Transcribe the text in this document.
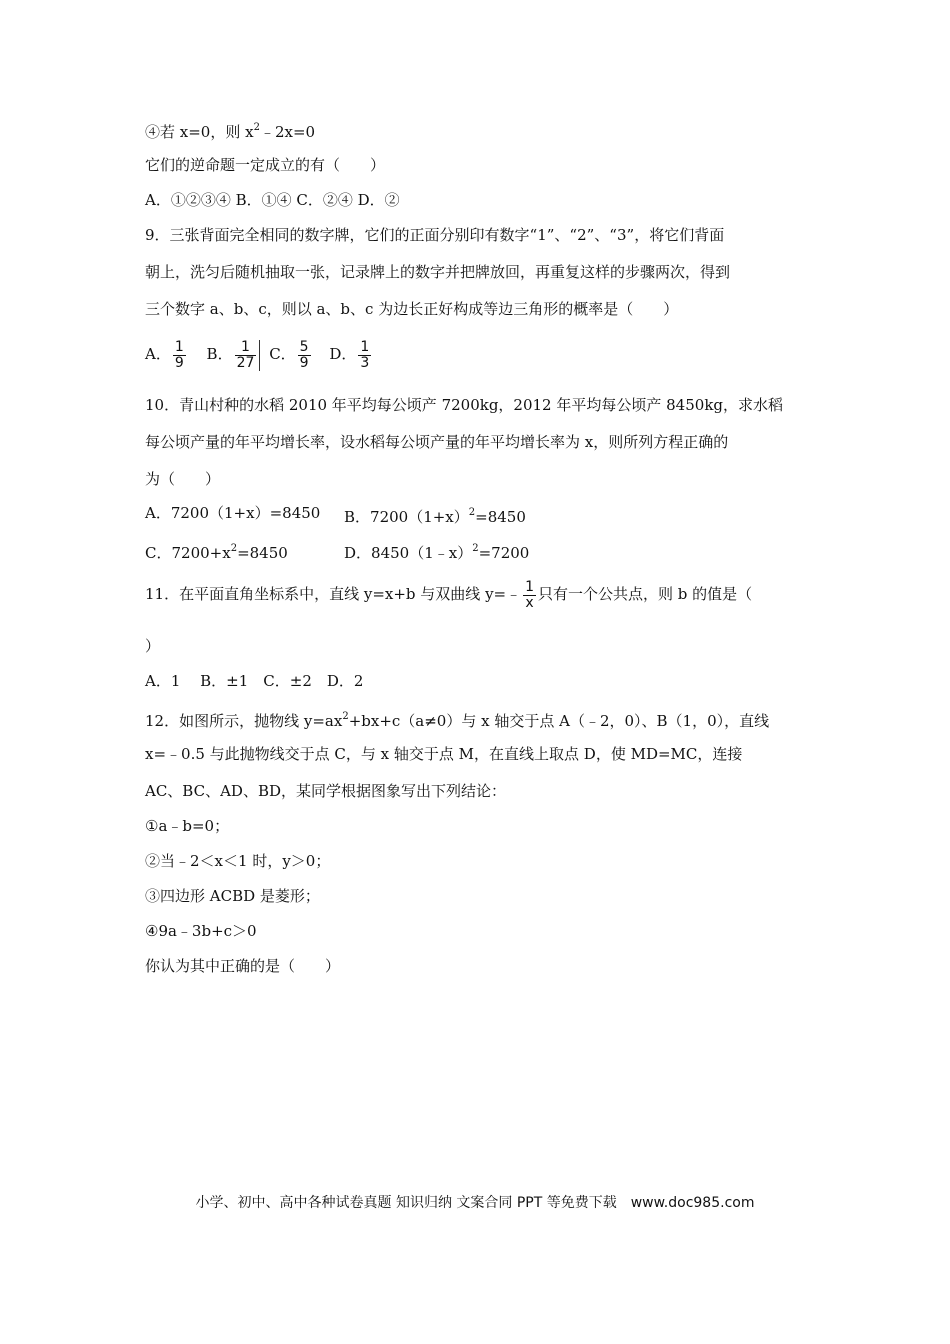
④若 x=0，则 $x^2﹣2x=0$
它们的逆命题一定成立的有（　　）
A．①②③④ B．①④ C．②④ D．②
9．三张背面完全相同的数字牌，它们的正面分别印有数字“1”、“2”、“3”，将它们背面
朝上，洗匀后随机抽取一张，记录牌上的数字并把牌放回，再重复这样的步骤两次，得到
三个数字 a、b、c，则以 a、b、c 为边长正好构成等边三角形的概率是（　　）
A． $\frac{1}{9}$ B． $\frac{1}{27}$ C． $\frac{5}{9}$ D． $\frac{1}{3}$
10．青山村种的水稻 2010 年平均每公顷产 7200kg，2012 年平均每公顷产 8450kg，求水稻
每公顷产量的年平均增长率，设水稻每公顷产量的年平均增长率为 x，则所列方程正确的
为（　　）
A．7200（1+x）=8450 B．$7200(1+x)^2=8450$
C．$7200+x^2=8450$	D．8450（1﹣x）$^2$=7200
11．在平面直角坐标系中，直线 y=x+b 与双曲线 y=﹣ $\frac{1}{x}$ 只有一个公共点，则 b 的值是（
）
A．1　 B．±1　C．±2　D．2
12．如图所示，抛物线 $y=ax^2+bx+c(a\ne 0)$与 x 轴交于点 A（﹣2，0）、B（1，0），直线
x=﹣0.5 与此抛物线交于点 C，与 x 轴交于点 M，在直线上取点 D，使 MD=MC，连接
AC、BC、AD、BD，某同学根据图象写出下列结论：
①a﹣b=0；
②当﹣2＜x＜1 时，y＞0；
③四边形 ACBD 是菱形；
④9a﹣3b+c＞0
你认为其中正确的是（　　）
小学、初中、高中各种试卷真题 知识归纳 文案合同 PPT 等免费下载　www.doc985.com
